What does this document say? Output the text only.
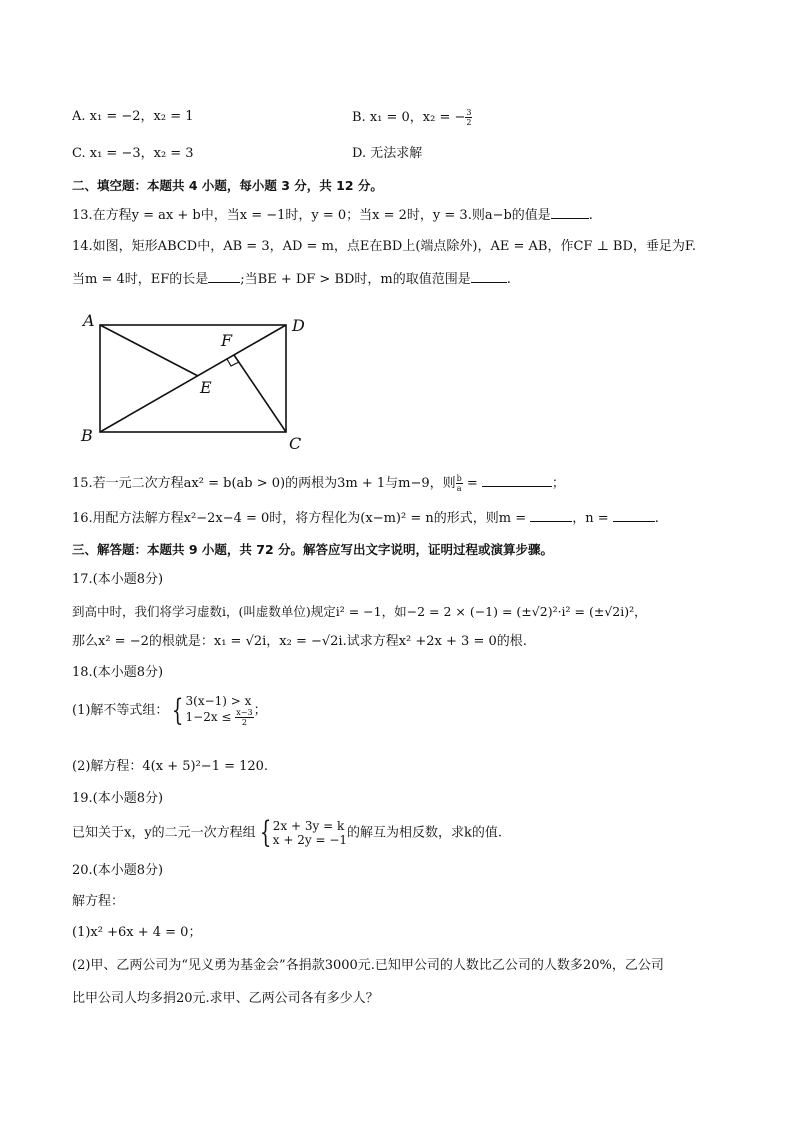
A. x₁ = −2，x₂ = 1	B. x₁ = 0，x₂ = − $\frac{3}{2}$
C. x₁ = −3，x₂ = 3	D. 无法求解
二、填空题：本题共 4 小题，每小题 3 分，共 12 分。
13.在方程y = ax + b中，当x = −1时，y = 0；当x = 2时，y = 3.则a−b的值是	.
14.如图，矩形ABCD中，AB = 3，AD = m，点E在BD上(端点除外)，AE = AB，作CF ⊥ BD，垂足为F.
当m = 4时，EF的长是 ;当BE + DF > BD时，m的取值范围是	.
A
B	C
D
E
F
15.若一元二次方程ax² = b(ab > 0)的两根为3m + 1与m−9，则 $\frac{b}{a}$ =	；
16.用配方法解方程x²−2x−4 = 0时，将方程化为(x−m)² = n的形式，则m =	，n =	.
三、解答题：本题共 9 小题，共 72 分。解答应写出文字说明，证明过程或演算步骤。
17.(本小题8分)
到高中时，我们将学习虚数i，(叫虚数单位)规定i² = −1，如−2 = 2 × (−1) = (±√2)²·i² = (±√2i)²，
那么x² = −2的根就是：x₁ = √2i，x₂ = −√2i.试求方程x² +2x + 3 = 0的根.
18.(本小题8分)
(1)解不等式组： { 3(x−1) > x
$1-2x \le \frac{x-3}{2}$ ；
(2)解方程：4(x + 5)²−1 = 120.
19.(本小题8分)
已知关于x，y的二元一次方程组 { 2x + 3y = k
x + 2y = −1 的解互为相反数，求k的值.
20.(本小题8分)
解方程：
(1)x² +6x + 4 = 0；
(2)甲、乙两公司为“见义勇为基金会”各捐款3000元.已知甲公司的人数比乙公司的人数多20%，乙公司
比甲公司人均多捐20元.求甲、乙两公司各有多少人？
